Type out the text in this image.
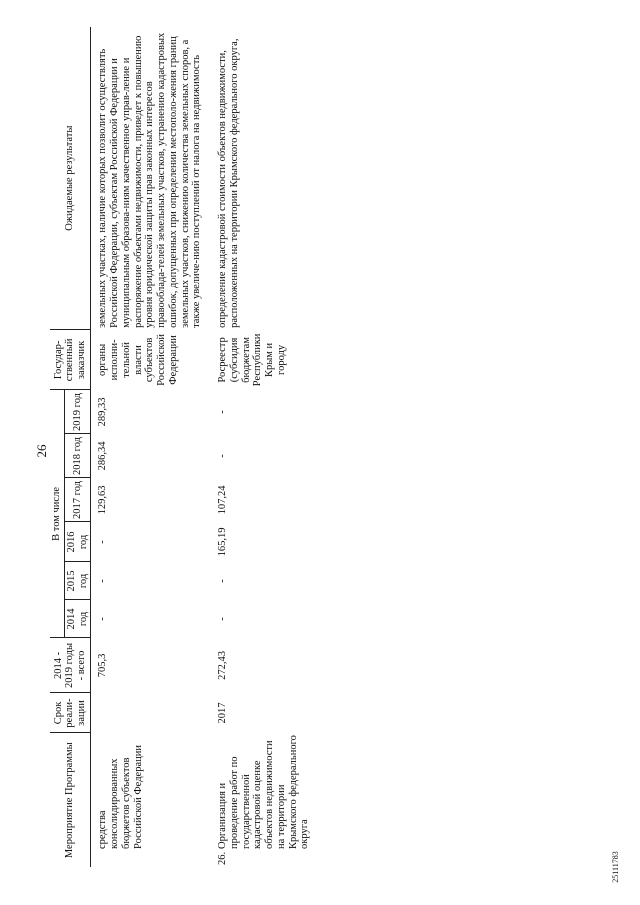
26
Мероприятие Программы		Срок реали-зации	2014 - 2019 годы - всего	В том числе						Государ-ственный заказчик	Ожидаемые результаты
				2014 год	2015 год	2016 год	2017 год	2018 год	2019 год		
	средства консолидированных бюджетов субъектов Российской Федерации		705,3	-	-	-	129,63	286,34	289,33	органы исполни-тельной власти субъектов Российской Федерации	земельных участках, наличие которых позволит осуществлять Российской Федерации, субъектам Российской Федерации и муниципальным образова-ниям качественное управ-ление и распоряжение объектами недвижимости, приведет к повышению уровня юридической защиты прав законных интересов правообладa-телей земельных участков, устранению кадастровых ошибок, допущенных при определении местополо-жения границ земельных участков, снижению количества земельных споров, а также увеличе-нию поступлений от налога на недвижимость

26.	Организация и проведение работ по государственной кадастровой оценке объектов недвижимости на территории Крымского федерального округа	2017	272,43	-	-	165,19	107,24	-	-	Росреестр (субсидия бюджетам Республики Крым и городу	определение кадастровой стоимости объектов недвижимости, расположенных на территории Крымского федерального округа,
25111783
